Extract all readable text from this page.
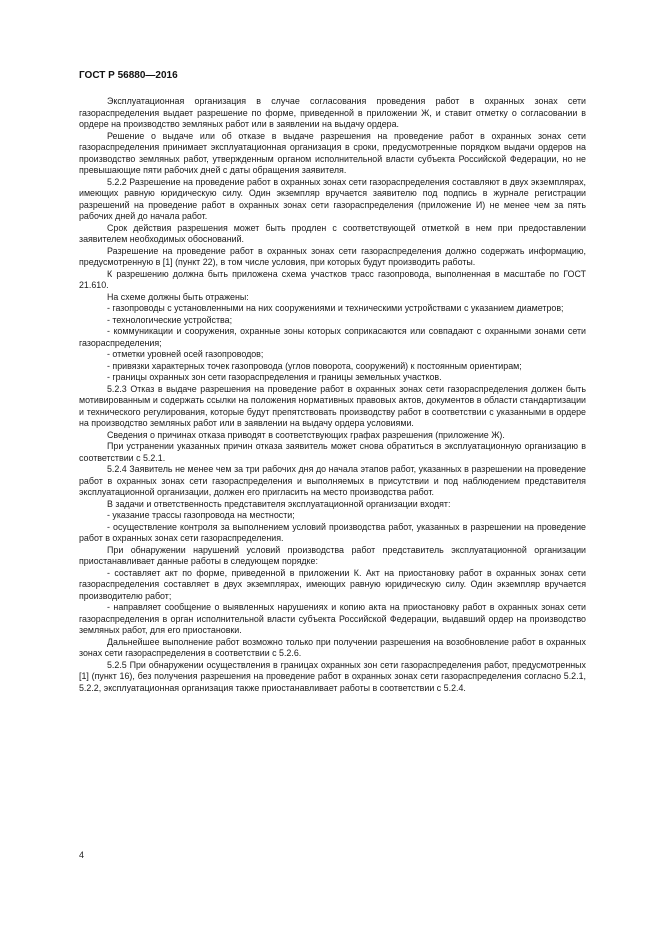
ГОСТ Р 56880—2016

Эксплуатационная организация в случае согласования проведения работ в охранных зонах сети газораспределения выдает разрешение по форме, приведенной в приложении Ж, и ставит отметку о согласовании в ордере на производство земляных работ или в заявлении на выдачу ордера.

Решение о выдаче или об отказе в выдаче разрешения на проведение работ в охранных зонах сети газораспределения принимает эксплуатационная организация в сроки, предусмотренные порядком выдачи ордеров на производство земляных работ, утвержденным органом исполнительной власти субъекта Российской Федерации, но не превышающие пяти рабочих дней с даты обращения заявителя.

5.2.2 Разрешение на проведение работ в охранных зонах сети газораспределения составляют в двух экземплярах, имеющих равную юридическую силу. Один экземпляр вручается заявителю под подпись в журнале регистрации разрешений на проведение работ в охранных зонах сети газораспределения (приложение И) не менее чем за пять рабочих дней до начала работ.

Срок действия разрешения может быть продлен с соответствующей отметкой в нем при предоставлении заявителем необходимых обоснований.

Разрешение на проведение работ в охранных зонах сети газораспределения должно содержать информацию, предусмотренную в [1] (пункт 22), в том числе условия, при которых будут производить работы.

К разрешению должна быть приложена схема участков трасс газопровода, выполненная в масштабе по ГОСТ 21.610.

На схеме должны быть отражены:

- газопроводы с установленными на них сооружениями и техническими устройствами с указанием диаметров;

- технологические устройства;

- коммуникации и сооружения, охранные зоны которых соприкасаются или совпадают с охранными зонами сети газораспределения;

- отметки уровней осей газопроводов;

- привязки характерных точек газопровода (углов поворота, сооружений) к постоянным ориентирам;

- границы охранных зон сети газораспределения и границы земельных участков.

5.2.3 Отказ в выдаче разрешения на проведение работ в охранных зонах сети газораспределения должен быть мотивированным и содержать ссылки на положения нормативных правовых актов, документов в области стандартизации и технического регулирования, которые будут препятствовать производству работ в соответствии с указанными в ордере на производство земляных работ или в заявлении на выдачу ордера условиями.

Сведения о причинах отказа приводят в соответствующих графах разрешения (приложение Ж).

При устранении указанных причин отказа заявитель может снова обратиться в эксплуатационную организацию в соответствии с 5.2.1.

5.2.4 Заявитель не менее чем за три рабочих дня до начала этапов работ, указанных в разрешении на проведение работ в охранных зонах сети газораспределения и выполняемых в присутствии и под наблюдением представителя эксплуатационной организации, должен его пригласить на место производства работ.

В задачи и ответственность представителя эксплуатационной организации входят:

- указание трассы газопровода на местности;

- осуществление контроля за выполнением условий производства работ, указанных в разрешении на проведение работ в охранных зонах сети газораспределения.

При обнаружении нарушений условий производства работ представитель эксплуатационной организации приостанавливает данные работы в следующем порядке:

- составляет акт по форме, приведенной в приложении К. Акт на приостановку работ в охранных зонах сети газораспределения составляет в двух экземплярах, имеющих равную юридическую силу. Один экземпляр вручается производителю работ;

- направляет сообщение о выявленных нарушениях и копию акта на приостановку работ в охранных зонах сети газораспределения в орган исполнительной власти субъекта Российской Федерации, выдавший ордер на производство земляных работ, для его приостановки.

Дальнейшее выполнение работ возможно только при получении разрешения на возобновление работ в охранных зонах сети газораспределения в соответствии с 5.2.6.

5.2.5 При обнаружении осуществления в границах охранных зон сети газораспределения работ, предусмотренных [1] (пункт 16), без получения разрешения на проведение работ в охранных зонах сети газораспределения согласно 5.2.1, 5.2.2, эксплуатационная организация также приостанавливает работы в соответствии с 5.2.4.

4
